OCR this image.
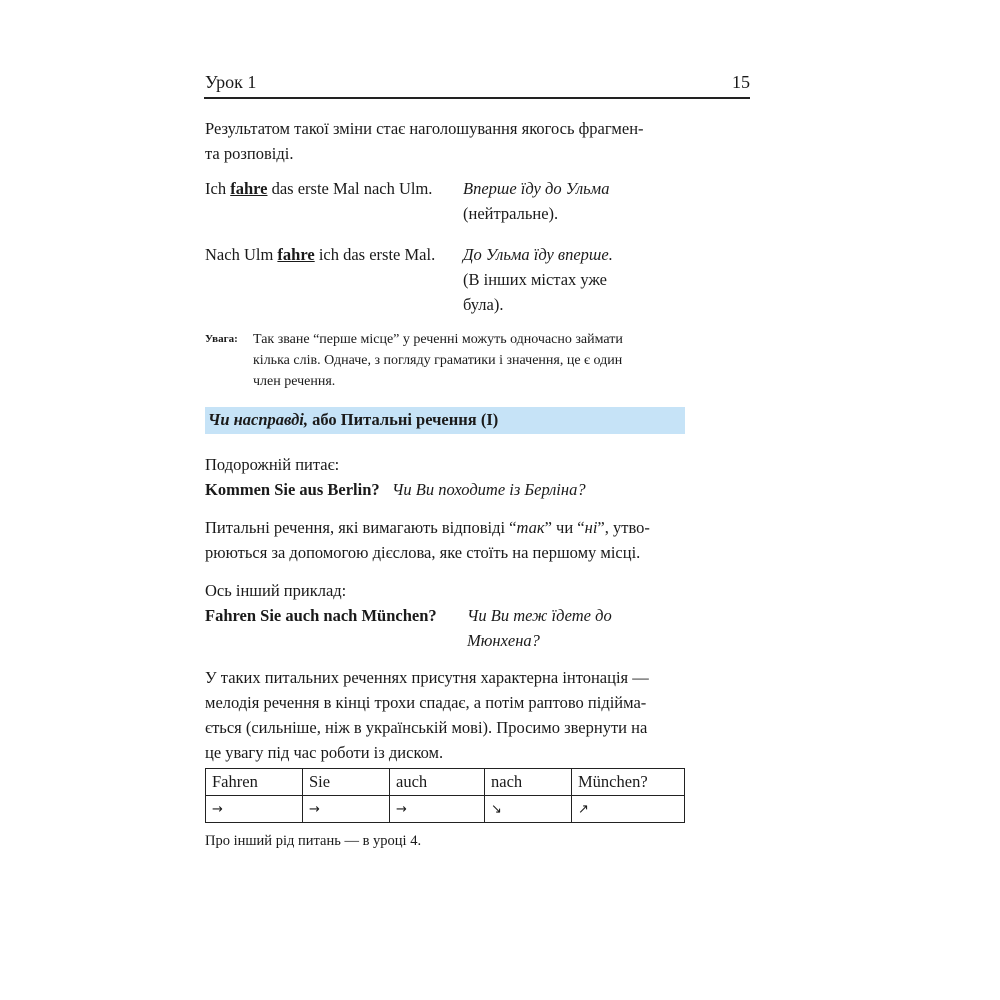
Урок 1	15
Результатом такої зміни стає наголошування якогось фрагмен-
та розповіді.
Ich fahre das erste Mal nach Ulm. Вперше їду до Ульма
(нейтральне).
Nach Ulm fahre ich das erste Mal. До Ульма їду вперше.
(В інших містах уже
була).
Увага: Так зване “перше місце” у реченні можуть одночасно займати
кілька слів. Одначе, з погляду граматики і значення, це є один
член речення.
Чи насправді, або Питальні речення (І)
Подорожній питає:
Kommen Sie aus Berlin? Чи Ви походите із Берліна?
Питальні речення, які вимагають відповіді “так” чи “ні”, утво-
рюються за допомогою дієслова, яке стоїть на першому місці.
Ось інший приклад:
Fahren Sie auch nach München? Чи Ви теж їдете до
Мюнхена?
У таких питальних реченнях присутня характерна інтонація —
мелодія речення в кінці трохи спадає, а потім раптово підійма-
ється (сильніше, ніж в українській мові). Просимо звернути на
це увагу під час роботи із диском.
Fahren	Sie	auch	nach	München?
→	→	→	↘	↗
Про інший рід питань — в уроці 4.
